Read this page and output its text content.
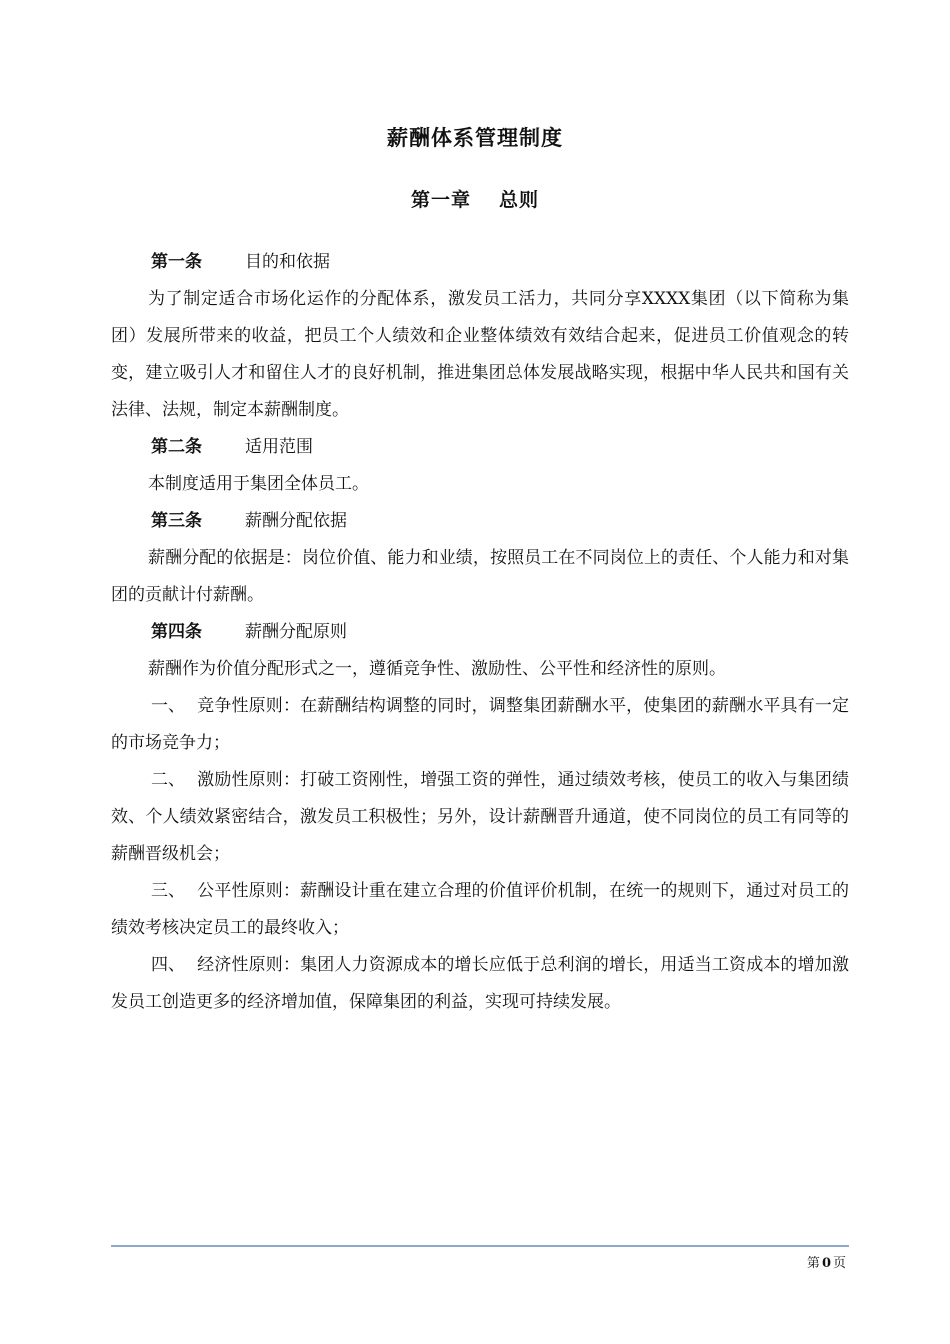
薪酬体系管理制度
第一章 总则
第一条	目的和依据

为了制定适合市场化运作的分配体系，激发员工活力，共同分享XXXX集团（以下简称为集团）发展所带来的收益，把员工个人绩效和企业整体绩效有效结合起来，促进员工价值观念的转变，建立吸引人才和留住人才的良好机制，推进集团总体发展战略实现，根据中华人民共和国有关法律、法规，制定本薪酬制度。

第二条	适用范围

本制度适用于集团全体员工。

第三条	薪酬分配依据

薪酬分配的依据是：岗位价值、能力和业绩，按照员工在不同岗位上的责任、个人能力和对集团的贡献计付薪酬。

第四条	薪酬分配原则

薪酬作为价值分配形式之一，遵循竞争性、激励性、公平性和经济性的原则。

一、 竞争性原则：在薪酬结构调整的同时，调整集团薪酬水平，使集团的薪酬水平具有一定的市场竞争力；

二、 激励性原则：打破工资刚性，增强工资的弹性，通过绩效考核，使员工的收入与集团绩效、个人绩效紧密结合，激发员工积极性；另外，设计薪酬晋升通道，使不同岗位的员工有同等的薪酬晋级机会；

三、 公平性原则：薪酬设计重在建立合理的价值评价机制，在统一的规则下，通过对员工的绩效考核决定员工的最终收入；

四、 经济性原则：集团人力资源成本的增长应低于总利润的增长，用适当工资成本的增加激发员工创造更多的经济增加值，保障集团的利益，实现可持续发展。

第 0 页
